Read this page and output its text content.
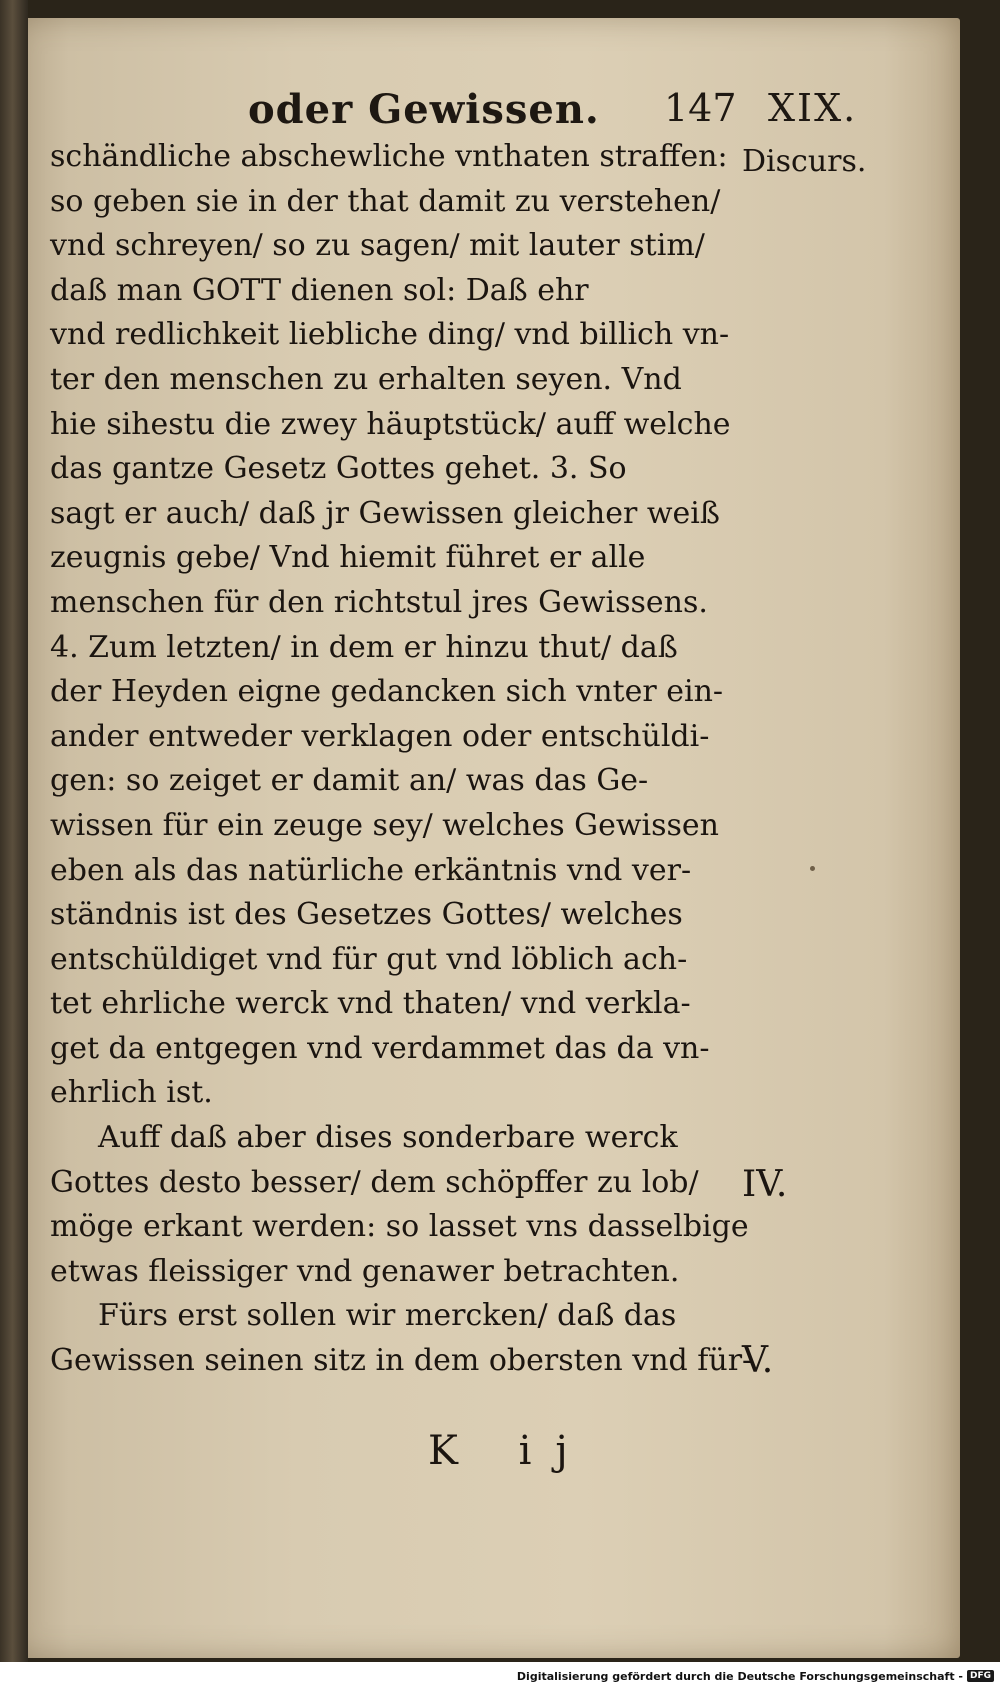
oder Gewissen. 147 XIX.
Discurs.
IV.
V.
schändliche abschewliche vnthaten straffen:
so geben sie in der that damit zu verstehen/
vnd schreyen/ so zu sagen/ mit lauter stim/
daß man GOTT dienen sol: Daß ehr
vnd redlichkeit liebliche ding/ vnd billich vn-
ter den menschen zu erhalten seyen. Vnd
hie sihestu die zwey häuptstück/ auff welche
das gantze Gesetz Gottes gehet. 3. So
sagt er auch/ daß jr Gewissen gleicher weiß
zeugnis gebe/ Vnd hiemit führet er alle
menschen für den richtstul jres Gewissens.
4. Zum letzten/ in dem er hinzu thut/ daß
der Heyden eigne gedancken sich vnter ein-
ander entweder verklagen oder entschüldi-
gen: so zeiget er damit an/ was das Ge-
wissen für ein zeuge sey/ welches Gewissen
eben als das natürliche erkäntnis vnd ver-
ständnis ist des Gesetzes Gottes/ welches
entschüldiget vnd für gut vnd löblich ach-
tet ehrliche werck vnd thaten/ vnd verkla-
get da entgegen vnd verdammet das da vn-
ehrlich ist.
Auff daß aber dises sonderbare werck
Gottes desto besser/ dem schöpffer zu lob/
möge erkant werden: so lasset vns dasselbige
etwas fleissiger vnd genawer betrachten.
Fürs erst sollen wir mercken/ daß das
Gewissen seinen sitz in dem obersten vnd für-
K ij
Digitalisierung gefördert durch die Deutsche Forschungsgemeinschaft - DFG
